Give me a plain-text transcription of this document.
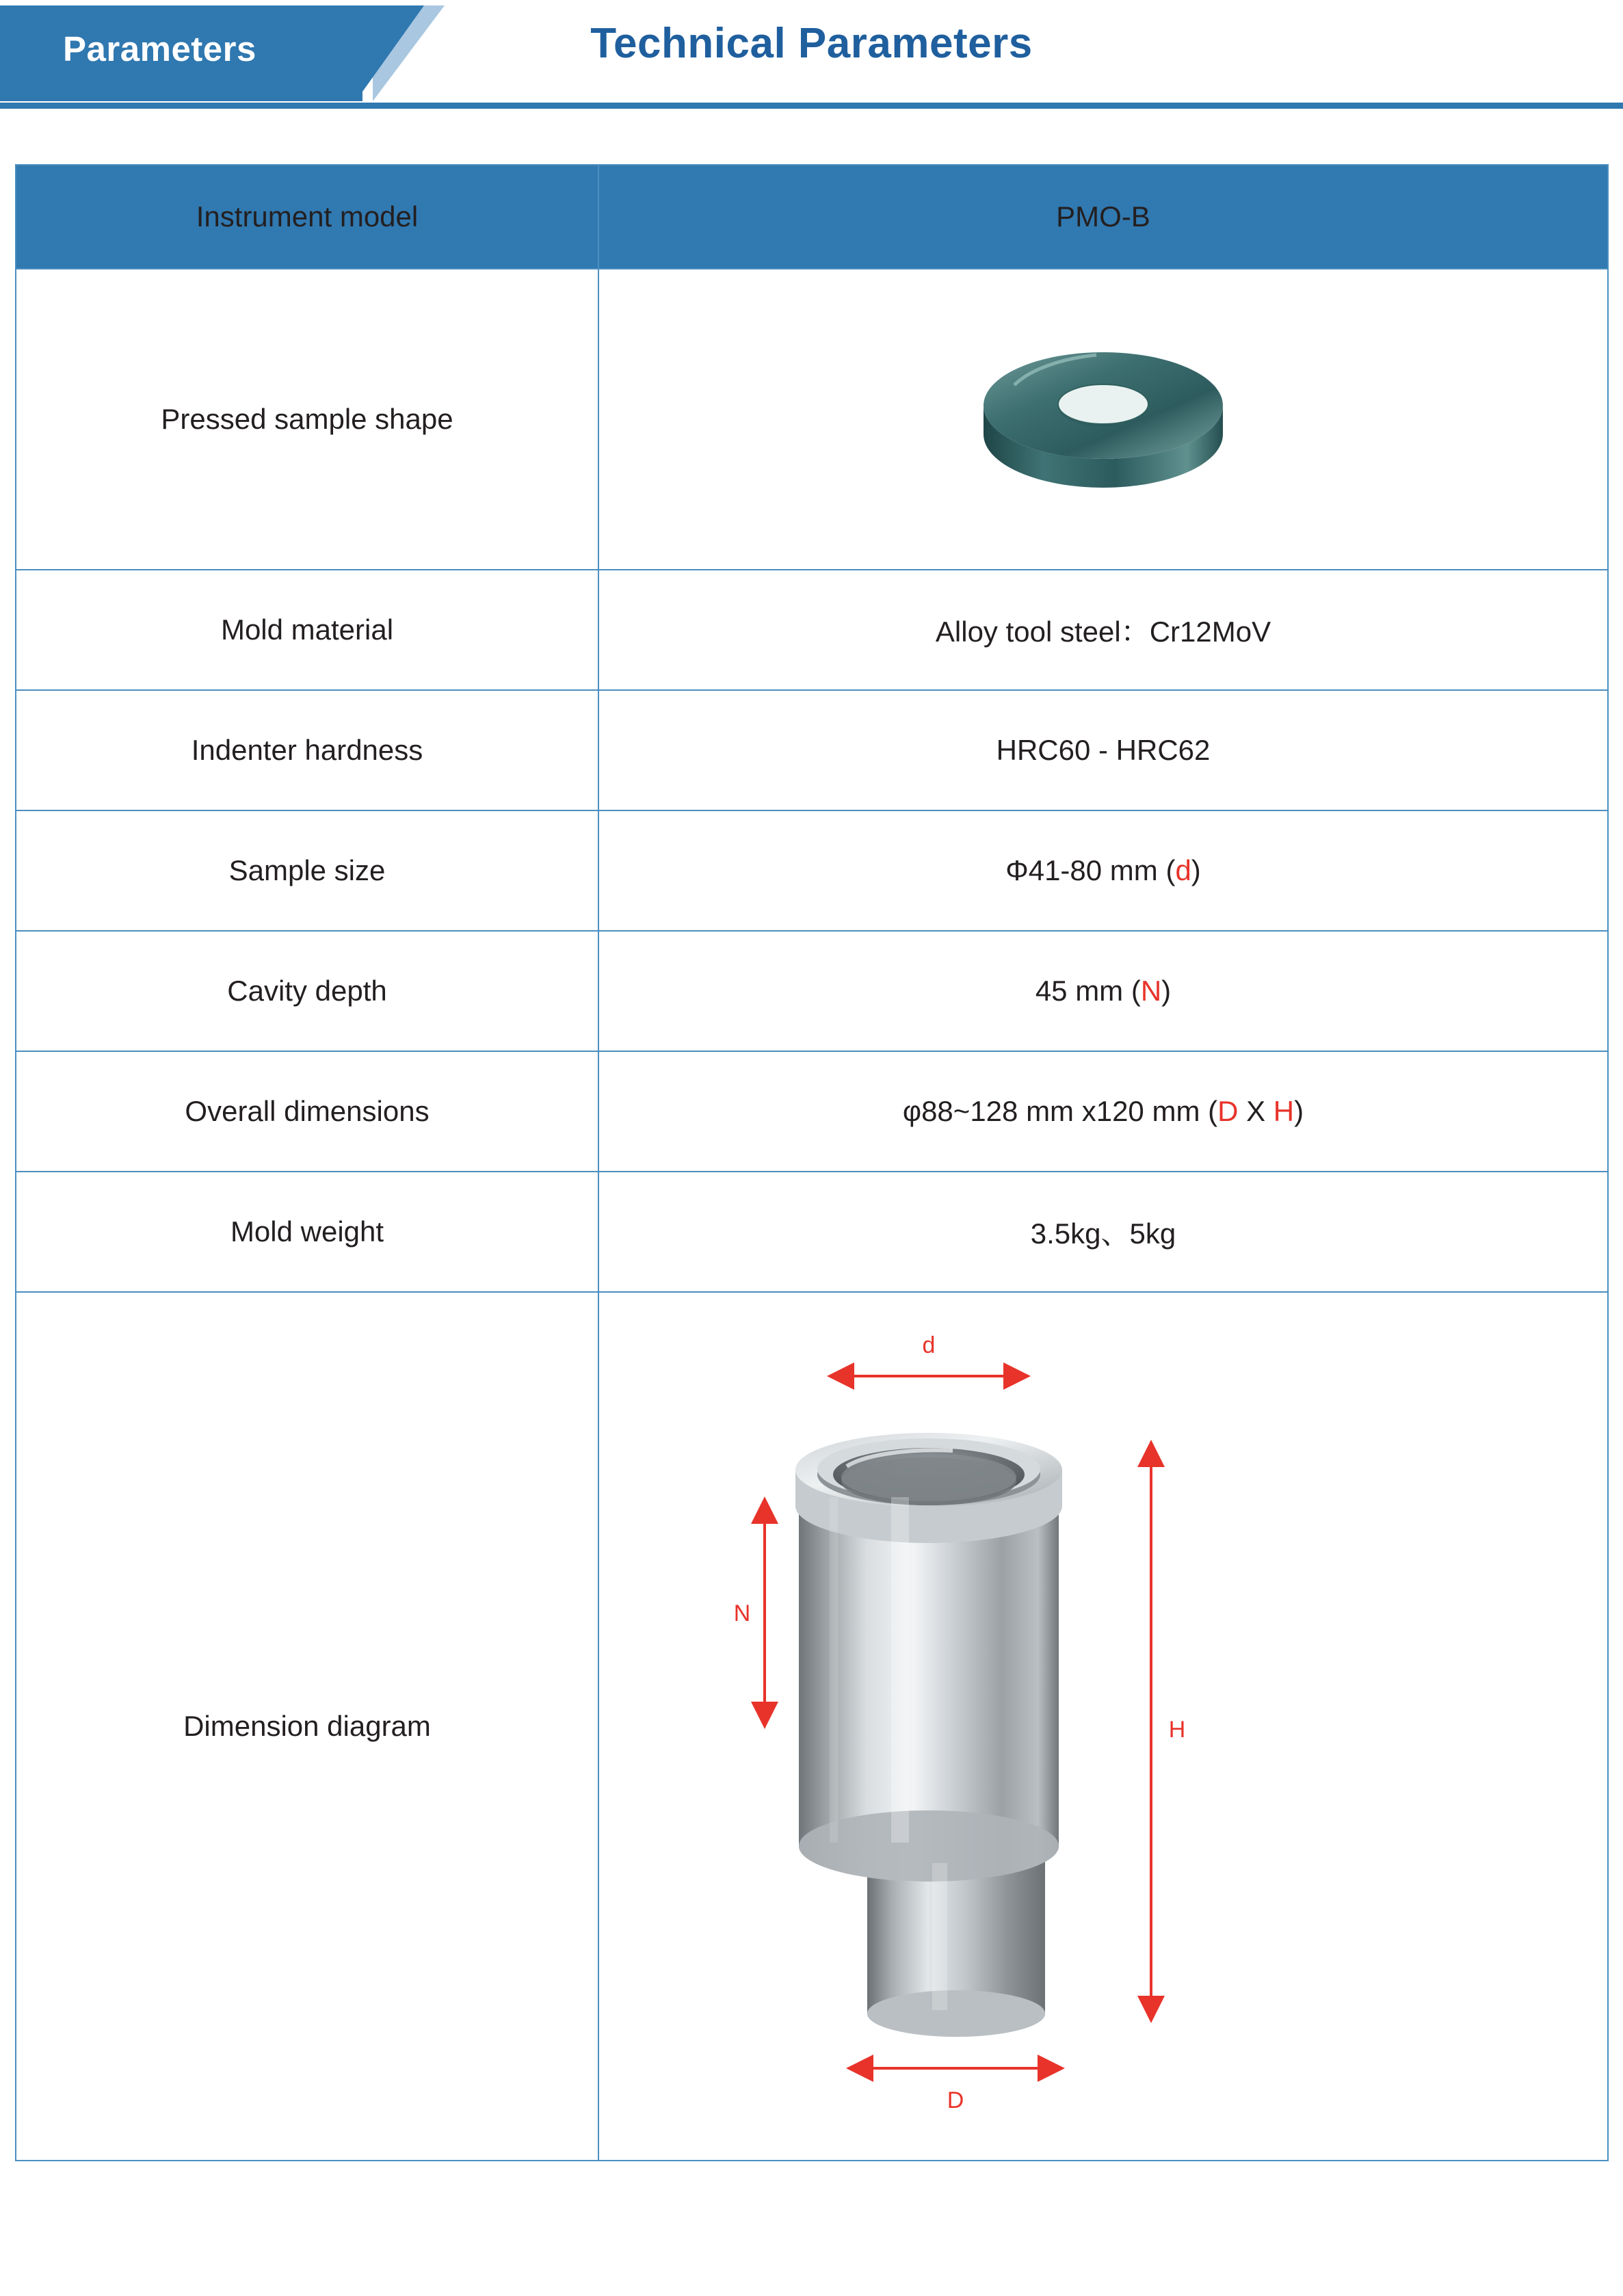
Parameters	Technical Parameters
Instrument model	PMO-B
Pressed sample shape	

Mold material	Alloy tool steel：Cr12MoV
Indenter hardness	HRC60 - HRC62
Sample size	Φ41-80 mm (d)
Cavity depth	45 mm (N)
Overall dimensions	φ88~128 mm x120 mm (D X H)
Mold weight	3.5kg、5kg
Dimension diagram	d
N
H
D
